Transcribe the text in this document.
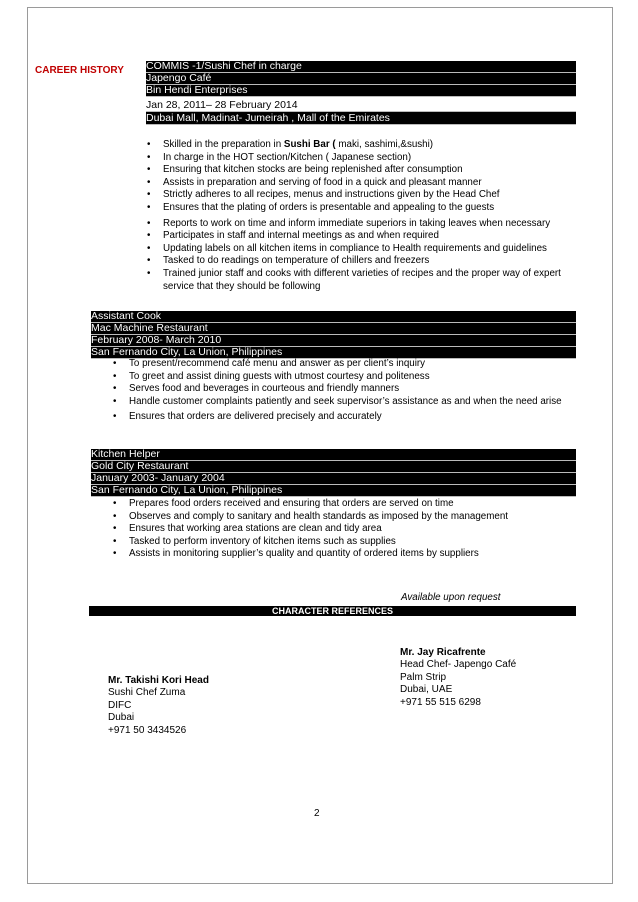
CAREER HISTORY COMMIS -1/Sushi Chef in charge
Japengo Café
Bin Hendi Enterprises
Jan 28, 2011– 28 February 2014
Dubai Mall, Madinat- Jumeirah , Mall of the Emirates
• Skilled in the preparation in Sushi Bar ( maki, sashimi,&sushi)
• In charge in the HOT section/Kitchen ( Japanese section)
• Ensuring that kitchen stocks are being replenished after consumption
• Assists in preparation and serving of food in a quick and pleasant manner
• Strictly adheres to all recipes, menus and instructions given by the Head Chef
• Ensures that the plating of orders is presentable and appealing to the guests
• Reports to work on time and inform immediate superiors in taking leaves when necessary
• Participates in staff and internal meetings as and when required
• Updating labels on all kitchen items in compliance to Health requirements and guidelines
• Tasked to do readings on temperature of chillers and freezers
• Trained junior staff and cooks with different varieties of recipes and the proper way of expert service that they should be following
Assistant Cook
Mac Machine Restaurant
February 2008- March 2010
San Fernando City, La Union, Philippines
• To present/recommend café menu and answer as per client’s inquiry
• To greet and assist dining guests with utmost courtesy and politeness
• Serves food and beverages in courteous and friendly manners
• Handle customer complaints patiently and seek supervisor’s assistance as and when the need arise
• Ensures that orders are delivered precisely and accurately
Kitchen Helper
Gold City Restaurant
January 2003- January 2004
San Fernando City, La Union, Philippines
• Prepares food orders received and ensuring that orders are served on time
• Observes and comply to sanitary and health standards as imposed by the management
• Ensures that working area stations are clean and tidy area
• Tasked to perform inventory of kitchen items such as supplies
• Assists in monitoring supplier’s quality and quantity of ordered items by suppliers
Available upon request
CHARACTER REFERENCES
Mr. Jay Ricafrente
Head Chef- Japengo Café
Palm Strip
Dubai, UAE
+971 55 515 6298
Mr. Takishi Kori Head
Sushi Chef Zuma
DIFC
Dubai
+971 50 3434526
2
